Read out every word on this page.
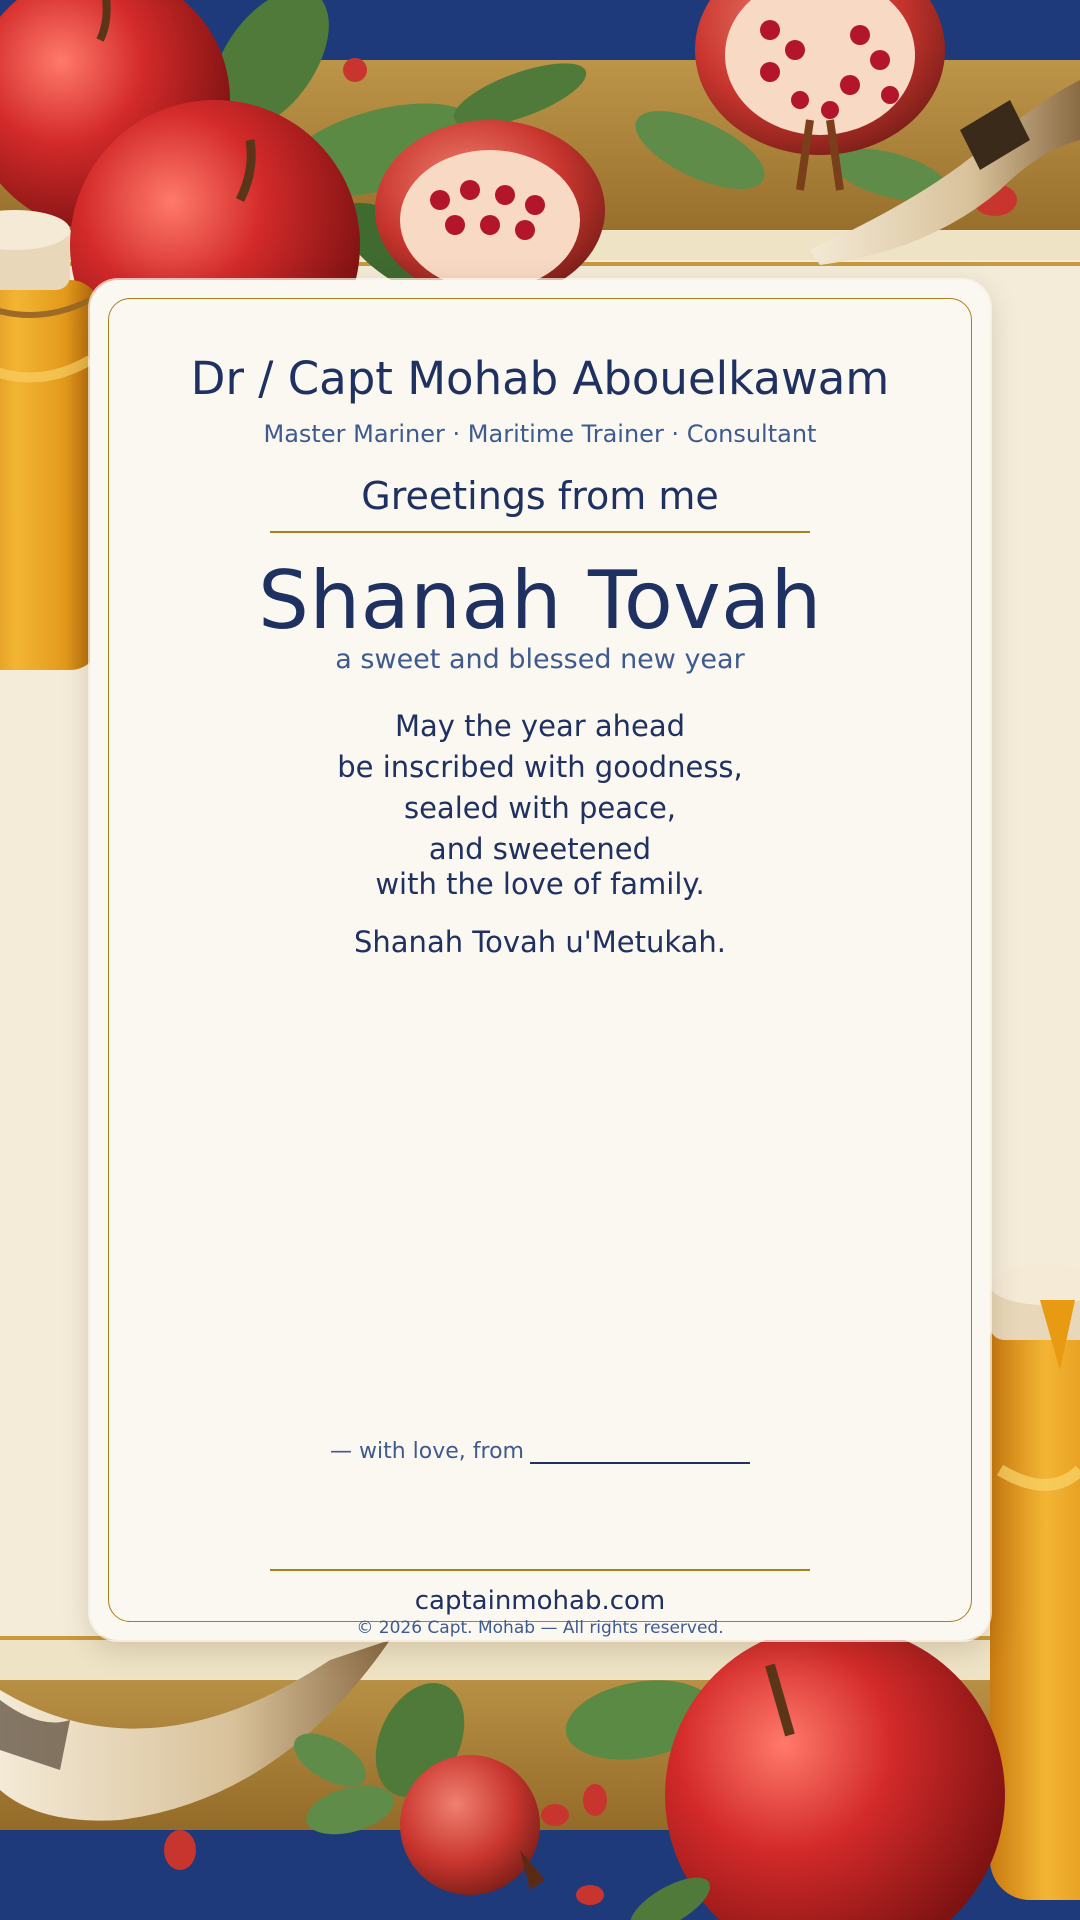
Dr / Capt Mohab Abouelkawam
Master Mariner · Maritime Trainer · Consultant
Greetings from me
Shanah Tovah
a sweet and blessed new year
May the year ahead
be inscribed with goodness,
sealed with peace,
and sweetened
with the love of family.
Shanah Tovah u'Metukah.
— with love, from
captainmohab.com
© 2026 Capt. Mohab — All rights reserved.
